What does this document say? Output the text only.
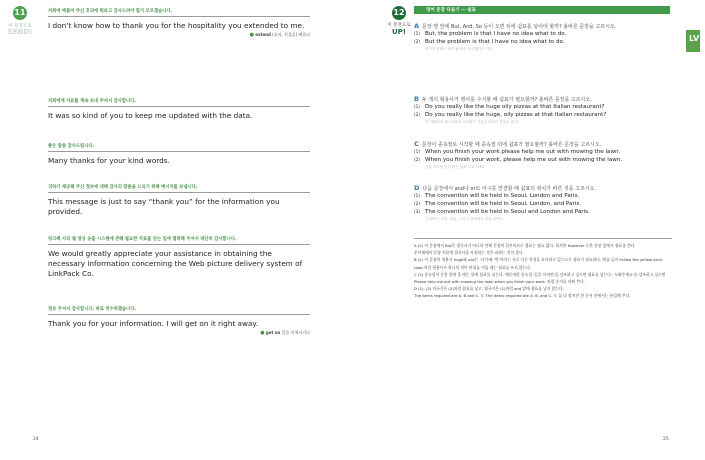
11
이 문장으로
SEND!
저희에 베풀어 주신 호의에 뭐라고 감사드려야 할지 모르겠습니다.
I don’t know how to thank you for the hospitality you extended to me.
● extend (호의, 친절을) 베풀다
저희에게 자료를 계속 보내 주셔서 감사합니다.
It was so kind of you to keep me updated with the data.
좋은 말씀 감사드립니다.
Many thanks for your kind words.
귀하가 제공해 주신 정보에 대해 감사의 말씀을 드리기 위해 메시지를 보냅니다.
This message is just to say “thank you” for the information you provided.
링크팩 사의 웹 영상 송출 시스템에 관해 필요한 자료를 얻는 일에 협력해 주셔서 대단히 감사합니다.
We would greatly appreciate your assistance in obtaining the necessary information concerning the Web picture delivery system of LinkPack Co.
정보 주셔서 감사합니다. 바로 착수하겠습니다.
Thank you for your information. I will get on it right away.
● get on 일을 진척시키다
24
12
이 문장으로
UP!
영어 문장 다듬기 — 쉼표
LV1
A 문장 맨 앞에 But, And, So 등이 오면 뒤에 쉼표를 넣어야 할까? 올바른 문장을 고르시오.
(1) But, the problem is that I have no idea what to do.
(2) But the problem is that I have no idea what to do.
하지만 문제는 내가 뭘 할지 모르겠다는 거다.
B 두 개의 형용사가 명사를 수식할 때 쉼표가 필요할까? 올바른 문장을 고르시오.
(1) Do you really like the huge oily pizzas at that Italian restaurant?
(2) Do you really like the huge, oily pizzas at that Italian restaurant?
저 이탈리아 레스토랑의 커다랗고 기름진 피자가 정말로 좋니?
C 문장이 종속절로 시작할 때 종속절 뒤에 쉼표가 필요할까? 올바른 문장을 고르시오.
(1) When you finish your work please help me out with mowing the lawn.
(2) When you finish your work, please help me out with mowing the lawn.
일을 마치면 잔디 깎는 일을 도와주세요.
D 다음 문장에서 and나 or로 어구를 연결할 때 쉼표의 위치가 바른 것을 고르시오.
(1) The convention will be held in Seoul, London and Paris.
(2) The convention will be held in Seoul, London, and Paris.
(3) The convention will be held in Seoul and London and Paris.
그 회의는 서울, 런던, 그리고 파리에서 열릴 것이다.
A (2) 이 문장에서 But은 접속사가 아니라 전체 문장의 일부이므로 쉼표는 필요 없다. 하지만 However 등은 문장 앞에서 쉼표를 쓴다.
문어체에서 문장 처음에 접속사를 사용하는 것은 피하는 것이 좋다.
B (2) 이 문장의 형용사 huge와 oily는 '크기'와 '맛'이라는 서로 다른 특징을 묘사하고 있으므로 쉼표가 필요하다. 예를 들어 Follow the yellow brick road.처럼 형용사가 하나의 의미 단위를 이룰 때는 쉼표를 쓰지 않는다.
C (2) 종속절이 문장 앞에 올 때는 뒤에 쉼표를 넣는다. 예문처럼 종속절 '일을 마치면'을 강조하고 싶으면 쉼표를 넣는다. '도와주세요'를 강조하고 싶으면 Please help me out with mowing the lawn when you finish your work. 처럼 순서를 바꿔 쓴다.
D (1), (2) 미국식은 (2)처럼 쉼표를 넣고, 영국식은 (1)처럼 and 앞에 쉼표를 넣지 않는다.
The items required are A, B and C. 도 The items required are A, B, and C. 도 둘 다 맞지만 한 문서 안에서는 통일해 쓴다.
25
